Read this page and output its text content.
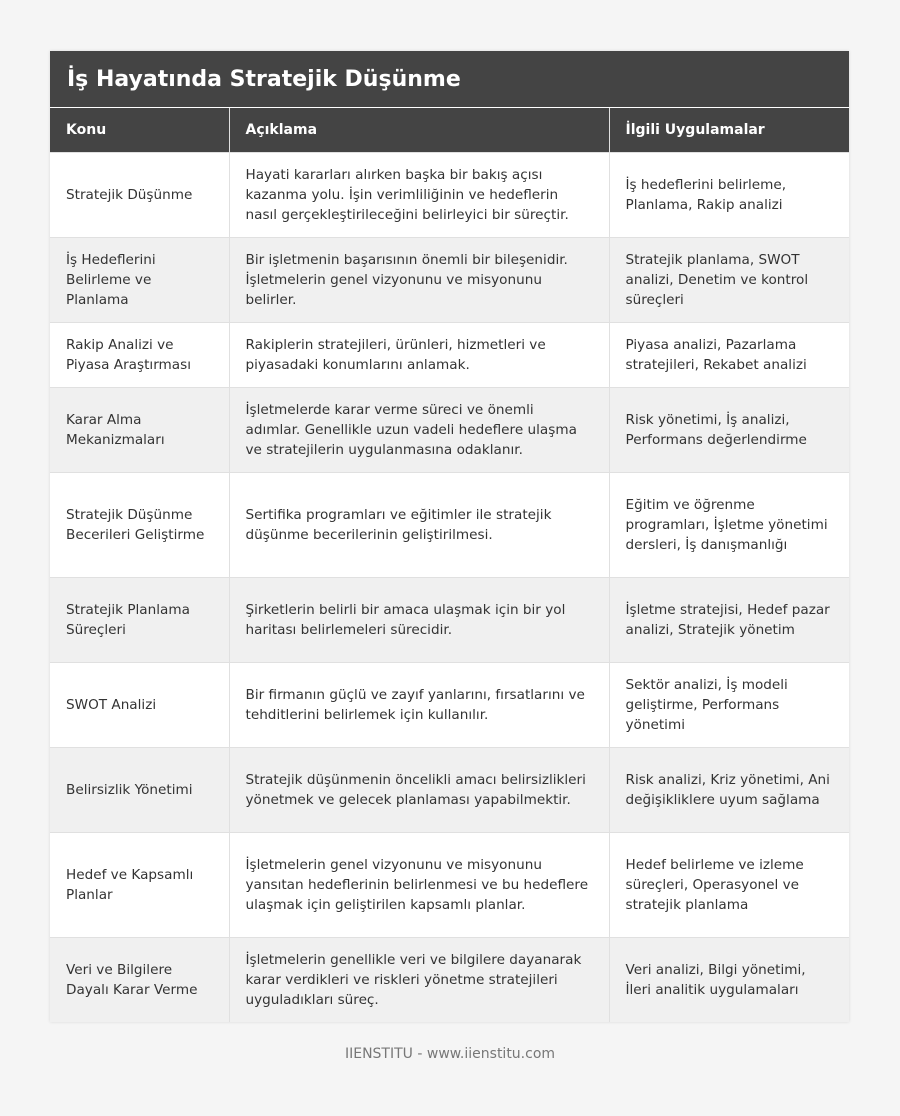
İş Hayatında Stratejik Düşünme
Konu	Açıklama	İlgili Uygulamalar
Stratejik Düşünme	Hayati kararları alırken başka bir bakış açısı kazanma yolu. İşin verimliliğinin ve hedeflerin nasıl gerçekleştirileceğini belirleyici bir süreçtir.	İş hedeflerini belirleme, Planlama, Rakip analizi
İş Hedeflerini Belirleme ve Planlama	Bir işletmenin başarısının önemli bir bileşenidir. İşletmelerin genel vizyonunu ve misyonunu belirler.	Stratejik planlama, SWOT analizi, Denetim ve kontrol süreçleri
Rakip Analizi ve Piyasa Araştırması	Rakiplerin stratejileri, ürünleri, hizmetleri ve piyasadaki konumlarını anlamak.	Piyasa analizi, Pazarlama stratejileri, Rekabet analizi
Karar Alma Mekanizmaları	İşletmelerde karar verme süreci ve önemli adımlar. Genellikle uzun vadeli hedeflere ulaşma ve stratejilerin uygulanmasına odaklanır.	Risk yönetimi, İş analizi, Performans değerlendirme
Stratejik Düşünme Becerileri Geliştirme	Sertifika programları ve eğitimler ile stratejik düşünme becerilerinin geliştirilmesi.	Eğitim ve öğrenme programları, İşletme yönetimi dersleri, İş danışmanlığı
Stratejik Planlama Süreçleri	Şirketlerin belirli bir amaca ulaşmak için bir yol haritası belirlemeleri sürecidir.	İşletme stratejisi, Hedef pazar analizi, Stratejik yönetim
SWOT Analizi	Bir firmanın güçlü ve zayıf yanlarını, fırsatlarını ve tehditlerini belirlemek için kullanılır.	Sektör analizi, İş modeli geliştirme, Performans yönetimi
Belirsizlik Yönetimi	Stratejik düşünmenin öncelikli amacı belirsizlikleri yönetmek ve gelecek planlaması yapabilmektir.	Risk analizi, Kriz yönetimi, Ani değişikliklere uyum sağlama
Hedef ve Kapsamlı Planlar	İşletmelerin genel vizyonunu ve misyonunu yansıtan hedeflerinin belirlenmesi ve bu hedeflere ulaşmak için geliştirilen kapsamlı planlar.	Hedef belirleme ve izleme süreçleri, Operasyonel ve stratejik planlama
Veri ve Bilgilere Dayalı Karar Verme	İşletmelerin genellikle veri ve bilgilere dayanarak karar verdikleri ve riskleri yönetme stratejileri uyguladıkları süreç.	Veri analizi, Bilgi yönetimi, İleri analitik uygulamaları
IIENSTITU - www.iienstitu.com
